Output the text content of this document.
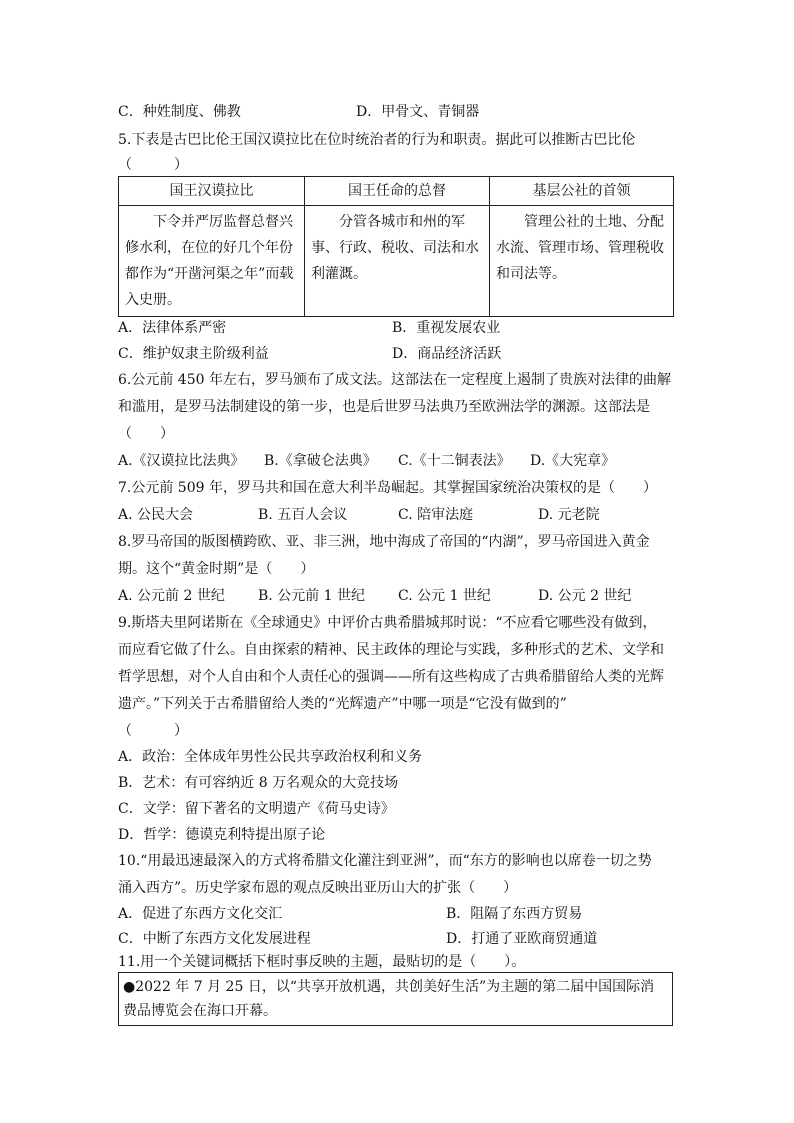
C．种姓制度、佛教	D．甲骨文、青铜器
5.下表是古巴比伦王国汉谟拉比在位时统治者的行为和职责。据此可以推断古巴比伦
（　　　）
国王汉谟拉比	国王任命的总督	基层公社的首领
下令并严厉监督总督兴修水利，在位的好几个年份都作为“开凿河渠之年”而载入史册。	分管各城市和州的军事、行政、税收、司法和水利灌溉。	管理公社的土地、分配水流、管理市场、管理税收和司法等。
A．法律体系严密	B．重视发展农业
C．维护奴隶主阶级利益	D．商品经济活跃
6.公元前 450 年左右，罗马颁布了成文法。这部法在一定程度上遏制了贵族对法律的曲解
和滥用，是罗马法制建设的第一步，也是后世罗马法典乃至欧洲法学的渊源。这部法是
（　　）
A.《汉谟拉比法典》 B.《拿破仑法典》 C.《十二铜表法》 D.《大宪章》
7.公元前 509 年，罗马共和国在意大利半岛崛起。其掌握国家统治决策权的是（　　）
A. 公民大会	B. 五百人会议	C. 陪审法庭	D. 元老院
8.罗马帝国的版图横跨欧、亚、非三洲，地中海成了帝国的“内湖”，罗马帝国进入黄金
期。这个“黄金时期”是（　　）
A. 公元前 2 世纪 B. 公元前 1 世纪 C. 公元 1 世纪	D. 公元 2 世纪
9.斯塔夫里阿诺斯在《全球通史》中评价古典希腊城邦时说：“不应看它哪些没有做到，
而应看它做了什么。自由探索的精神、民主政体的理论与实践，多种形式的艺术、文学和
哲学思想，对个人自由和个人责任心的强调——所有这些构成了古典希腊留给人类的光辉
遗产。”下列关于古希腊留给人类的“光辉遗产”中哪一项是“它没有做到的”
（　　　）
A．政治：全体成年男性公民共享政治权利和义务
B．艺术：有可容纳近 8 万名观众的大竞技场
C．文学：留下著名的文明遗产《荷马史诗》
D．哲学：德谟克利特提出原子论
10.“用最迅速最深入的方式将希腊文化灌注到亚洲”，而“东方的影响也以席卷一切之势
涌入西方”。历史学家布恩的观点反映出亚历山大的扩张（　　）
A．促进了东西方文化交汇	B．阻隔了东西方贸易
C．中断了东西方文化发展进程	D．打通了亚欧商贸通道
11.用一个关键词概括下框时事反映的主题，最贴切的是（　　）。
●2022 年 7 月 25 日，以“共享开放机遇，共创美好生活”为主题的第二届中国国际消费品博览会在海口开幕。
